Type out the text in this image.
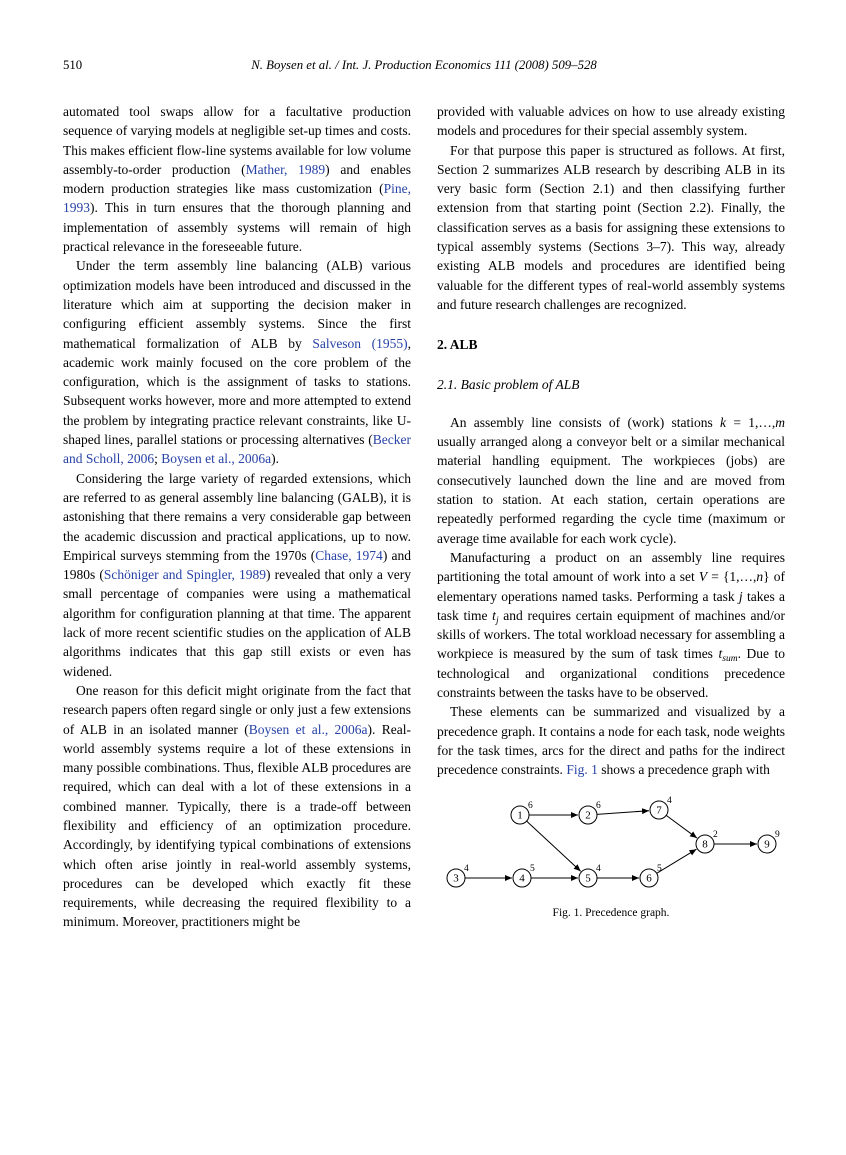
510	N. Boysen et al. / Int. J. Production Economics 111 (2008) 509–528

automated tool swaps allow for a facultative production sequence of varying models at negligible set-up times and costs. This makes efficient flow-line systems available for low volume assembly-to-order production (Mather, 1989) and enables modern production strategies like mass customization (Pine, 1993). This in turn ensures that the thorough planning and implementation of assembly systems will remain of high practical relevance in the foreseeable future.

Under the term assembly line balancing (ALB) various optimization models have been introduced and discussed in the literature which aim at supporting the decision maker in configuring efficient assembly systems. Since the first mathematical formalization of ALB by Salveson (1955), academic work mainly focused on the core problem of the configuration, which is the assignment of tasks to stations. Subsequent works however, more and more attempted to extend the problem by integrating practice relevant constraints, like U-shaped lines, parallel stations or processing alternatives (Becker and Scholl, 2006; Boysen et al., 2006a).

Considering the large variety of regarded extensions, which are referred to as general assembly line balancing (GALB), it is astonishing that there remains a very considerable gap between the academic discussion and practical applications, up to now. Empirical surveys stemming from the 1970s (Chase, 1974) and 1980s (Schöniger and Spingler, 1989) revealed that only a very small percentage of companies were using a mathematical algorithm for configuration planning at that time. The apparent lack of more recent scientific studies on the application of ALB algorithms indicates that this gap still exists or even has widened.

One reason for this deficit might originate from the fact that research papers often regard single or only just a few extensions of ALB in an isolated manner (Boysen et al., 2006a). Real-world assembly systems require a lot of these extensions in many possible combinations. Thus, flexible ALB procedures are required, which can deal with a lot of these extensions in a combined manner. Typically, there is a trade-off between flexibility and efficiency of an optimization procedure. Accordingly, by identifying typical combinations of extensions which often arise jointly in real-world assembly systems, procedures can be developed which exactly fit these requirements, while decreasing the required flexibility to a minimum. Moreover, practitioners might be

provided with valuable advices on how to use already existing models and procedures for their special assembly system.

For that purpose this paper is structured as follows. At first, Section 2 summarizes ALB research by describing ALB in its very basic form (Section 2.1) and then classifying further extension from that starting point (Section 2.2). Finally, the classification serves as a basis for assigning these extensions to typical assembly systems (Sections 3–7). This way, already existing ALB models and procedures are identified being valuable for the different types of real-world assembly systems and future research challenges are recognized.

2. ALB
2.1. Basic problem of ALB

An assembly line consists of (work) stations k = 1,…,m usually arranged along a conveyor belt or a similar mechanical material handling equipment. The workpieces (jobs) are consecutively launched down the line and are moved from station to station. At each station, certain operations are repeatedly performed regarding the cycle time (maximum or average time available for each work cycle).

Manufacturing a product on an assembly line requires partitioning the total amount of work into a set V = {1,…,n} of elementary operations named tasks. Performing a task j takes a task time $t_j$ and requires certain equipment of machines and/or skills of workers. The total workload necessary for assembling a workpiece is measured by the sum of task times $t_{sum}$. Due to technological and organizational conditions precedence constraints between the tasks have to be observed.

These elements can be summarized and visualized by a precedence graph. It contains a node for each task, node weights for the task times, arcs for the direct and paths for the indirect precedence constraints. Fig. 1 shows a precedence graph with

1
6
2
6	7
4
8
2
9
9
3
4
4
5
5
4
6
5
Fig. 1. Precedence graph.
